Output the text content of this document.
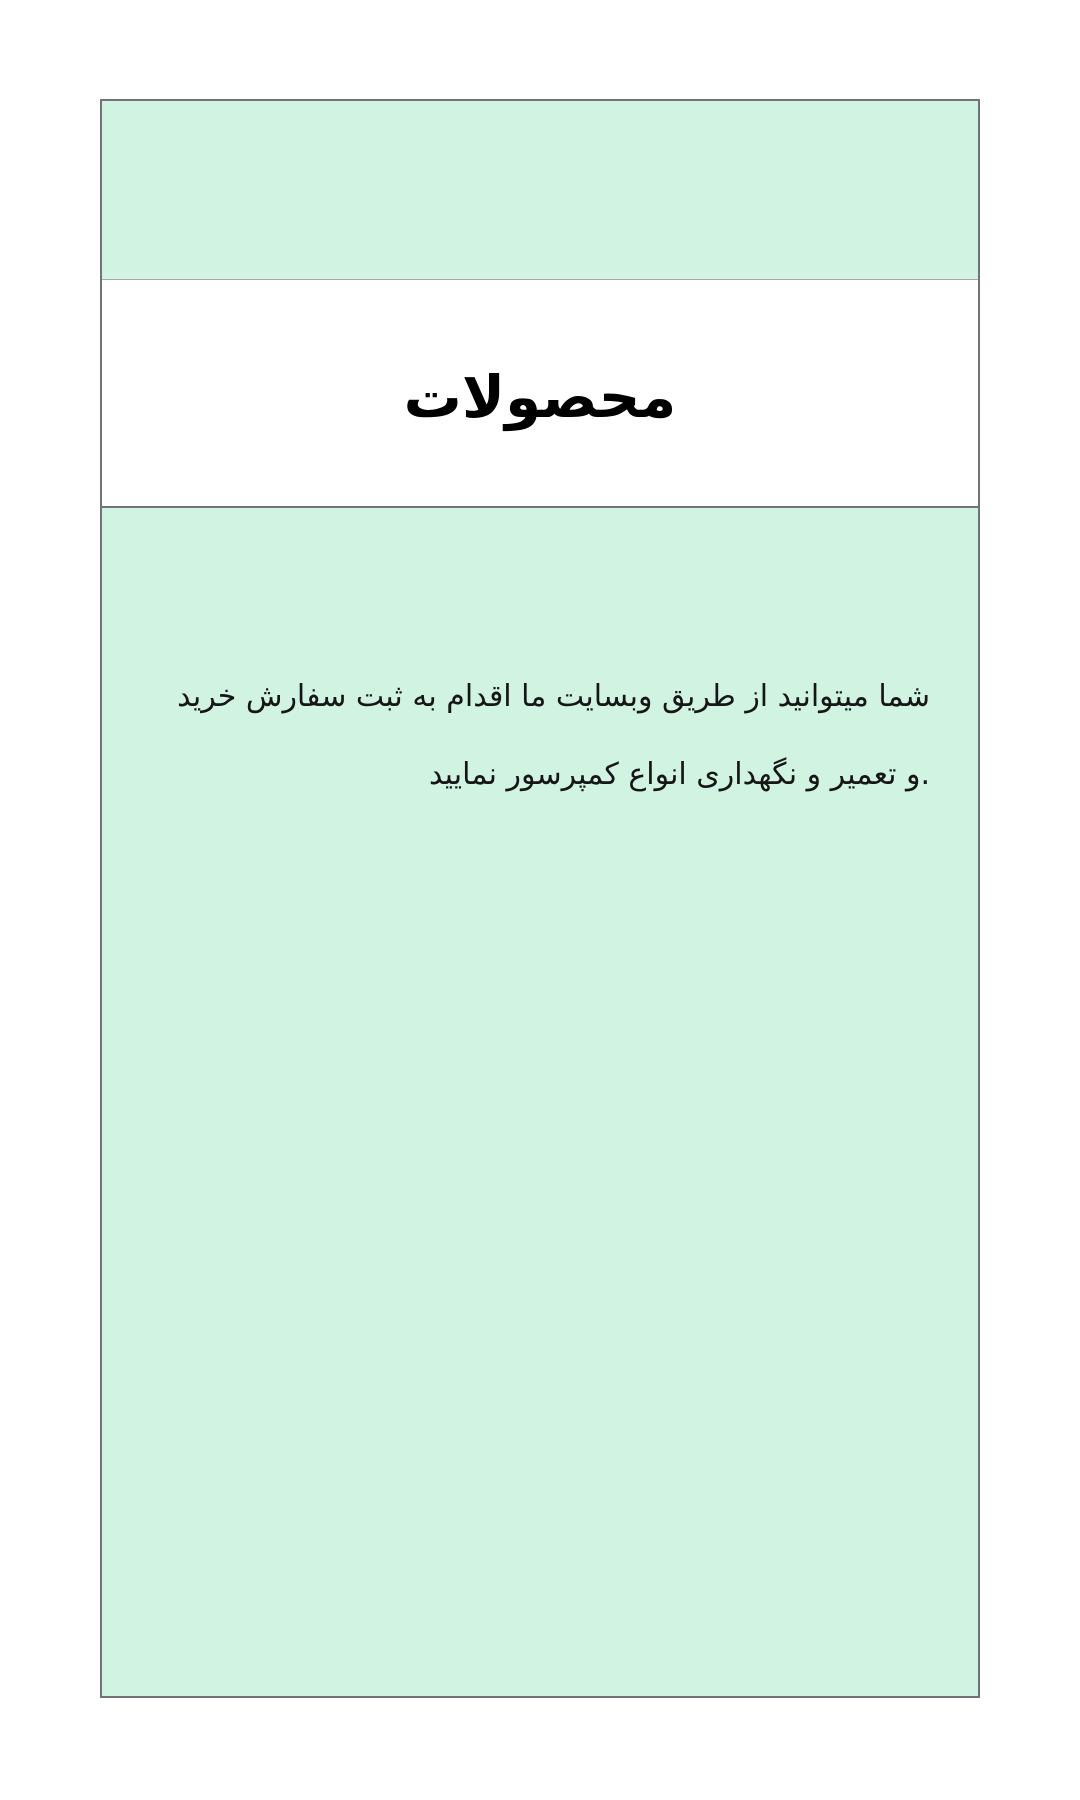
محصولات
شما میتوانید از طریق وبسایت ما اقدام به ثبت سفارش خرید
.و تعمیر و نگهداری انواع کمپرسور نمایید
